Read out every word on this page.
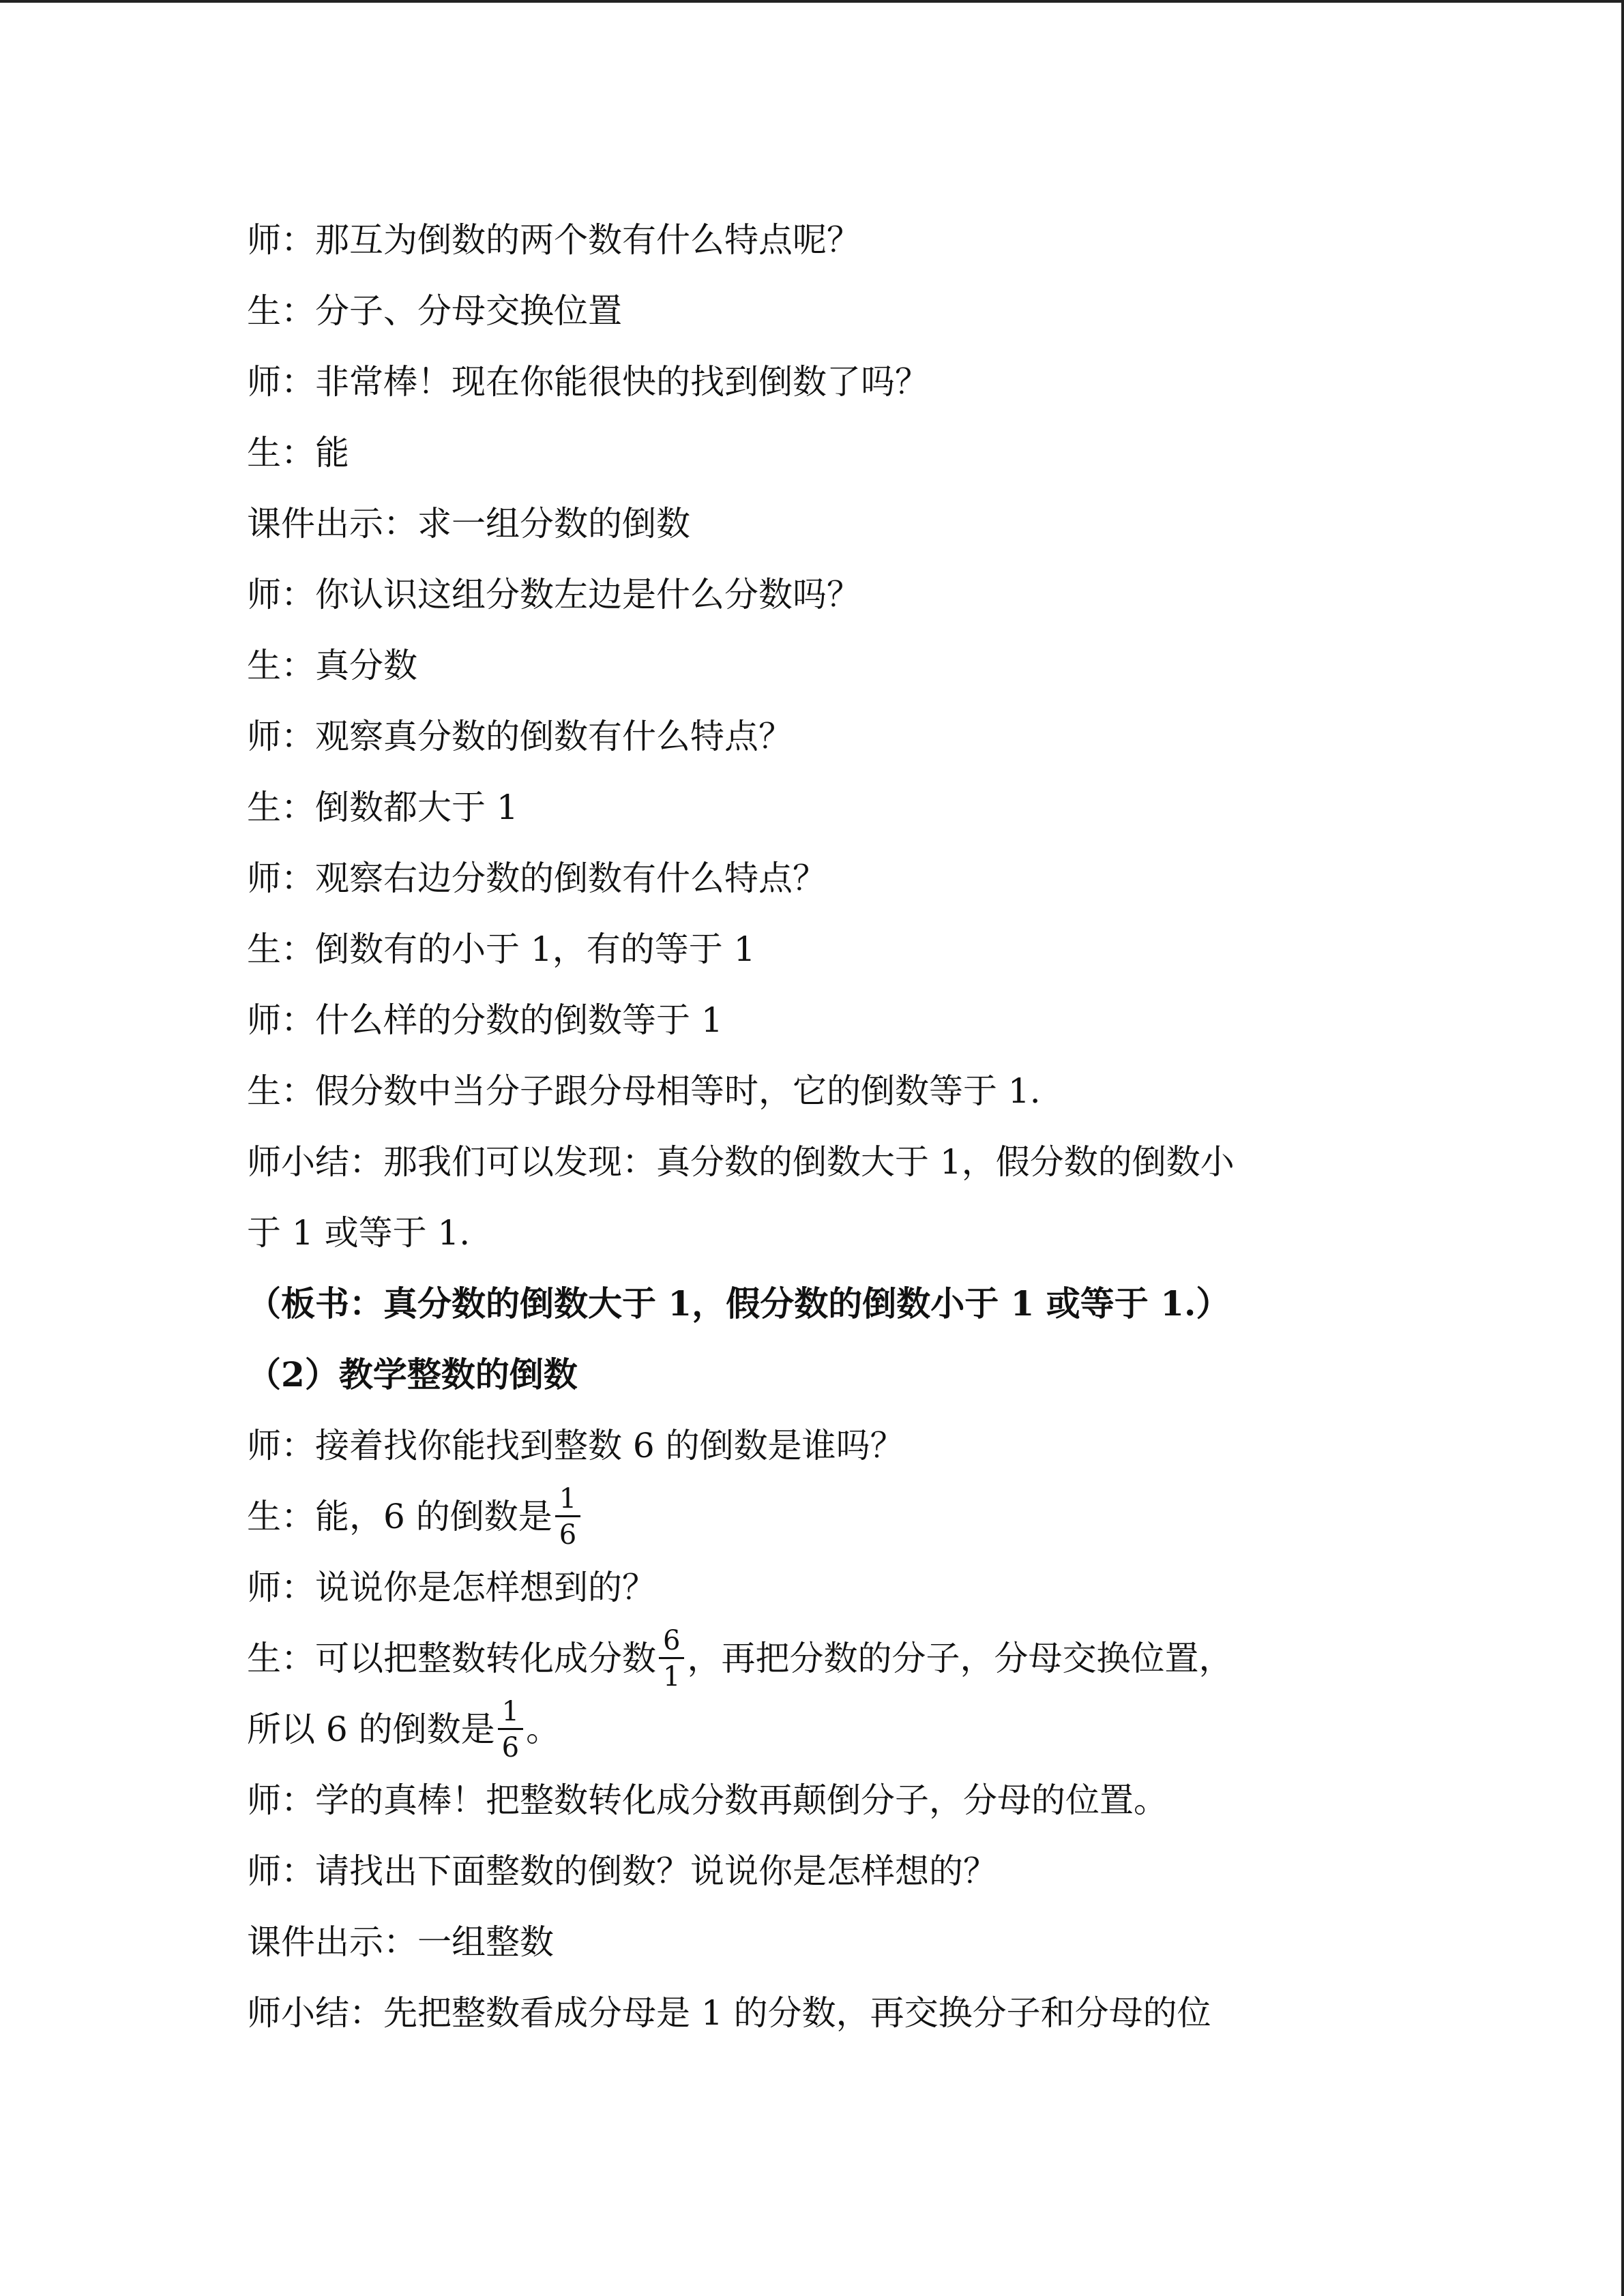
师：那互为倒数的两个数有什么特点呢？
生：分子、分母交换位置
师：非常棒！现在你能很快的找到倒数了吗？
生：能
课件出示：求一组分数的倒数
师：你认识这组分数左边是什么分数吗？
生：真分数
师：观察真分数的倒数有什么特点？
生：倒数都大于 1
师：观察右边分数的倒数有什么特点？
生：倒数有的小于 1，有的等于 1
师：什么样的分数的倒数等于 1
生：假分数中当分子跟分母相等时，它的倒数等于 1.
师小结：那我们可以发现：真分数的倒数大于 1，假分数的倒数小
于 1 或等于 1.
（板书：真分数的倒数大于 1，假分数的倒数小于 1 或等于 1.）
（2）教学整数的倒数
师：接着找你能找到整数 6 的倒数是谁吗？
生：能，6 的倒数是 $\frac{1}{6}$
师：说说你是怎样想到的？
生：可以把整数转化成分数 $\frac{6}{1}$ ，再把分数的分子，分母交换位置，
所以 6 的倒数是 $\frac{1}{6}$ 。
师：学的真棒！把整数转化成分数再颠倒分子，分母的位置。
师：请找出下面整数的倒数？说说你是怎样想的？
课件出示：一组整数
师小结：先把整数看成分母是 1 的分数，再交换分子和分母的位
